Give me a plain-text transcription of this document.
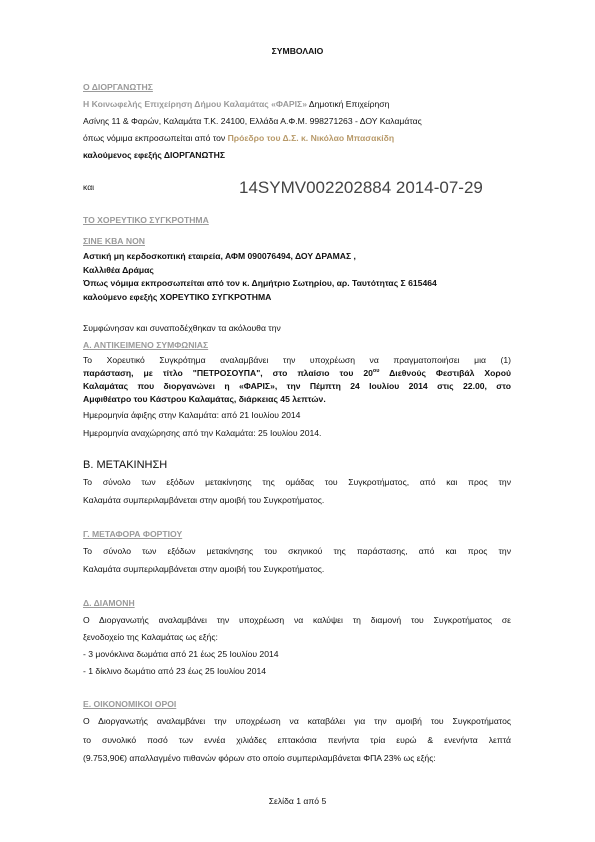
ΣΥΜΒΟΛΑΙΟ
Ο ΔΙΟΡΓΑΝΩΤΗΣ
Η Κοινωφελής Επιχείρηση Δήμου Καλαμάτας «ΦΑΡΙΣ» Δημοτική Επιχείρηση
Ασίνης 11 & Φαρών, Καλαμάτα Τ.Κ. 24100, Ελλάδα Α.Φ.Μ. 998271263 - ΔΟΥ Καλαμάτας
όπως νόμιμα εκπροσωπείται από τον Πρόεδρο του Δ.Σ. κ. Νικόλαο Μπασακίδη
καλούμενος εφεξής ΔΙΟΡΓΑΝΩΤΗΣ
και	14SYMV002202884 2014-07-29
ΤΟ ΧΟΡΕΥΤΙΚΟ ΣΥΓΚΡΟΤΗΜΑ
ΣΙΝΕ ΚΒΑ ΝΟΝ
Αστική μη κερδοσκοπική εταιρεία, ΑΦΜ 090076494, ΔΟΥ ΔΡΑΜΑΣ ,
Καλλιθέα Δράμας
Όπως νόμιμα εκπροσωπείται από τον κ. Δημήτριο Σωτηρίου, αρ. Ταυτότητας Σ 615464
καλούμενο εφεξής ΧΟΡΕΥΤΙΚΟ ΣΥΓΚΡΟΤΗΜΑ
Συμφώνησαν και συναποδέχθηκαν τα ακόλουθα την
Α. ΑΝΤΙΚΕΙΜΕΝΟ ΣΥΜΦΩΝΙΑΣ
Το Χορευτικό Συγκρότημα αναλαμβάνει την υποχρέωση να πραγματοποιήσει μια (1)
παράσταση, με τίτλο "ΠΕΤΡΟΣΟΥΠΑ", στο πλαίσιο του $20^{o\upsilon}$ Διεθνούς Φεστιβάλ Χορού
Καλαμάτας που διοργανώνει η «ΦΑΡΙΣ», την Πέμπτη 24 Ιουλίου 2014 στις 22.00, στο
Αμφιθέατρο του Κάστρου Καλαμάτας, διάρκειας 45 λεπτών.
Ημερομηνία άφιξης στην Καλαμάτα: από 21 Ιουλίου 2014
Ημερομηνία αναχώρησης από την Καλαμάτα: 25 Ιουλίου 2014.
Β. ΜΕΤΑΚΙΝΗΣΗ
Το σύνολο των εξόδων μετακίνησης της ομάδας του Συγκροτήματος, από και προς την
Καλαμάτα συμπεριλαμβάνεται στην αμοιβή του Συγκροτήματος.
Γ. ΜΕΤΑΦΟΡΑ ΦΟΡΤΙΟΥ
Το σύνολο των εξόδων μετακίνησης του σκηνικού της παράστασης, από και προς την
Καλαμάτα συμπεριλαμβάνεται στην αμοιβή του Συγκροτήματος.
Δ. ΔΙΑΜΟΝΗ
Ο Διοργανωτής αναλαμβάνει την υποχρέωση να καλύψει τη διαμονή του Συγκροτήματος σε
ξενοδοχείο της Καλαμάτας ως εξής:
- 3 μονόκλινα δωμάτια από 21 έως 25 Ιουλίου 2014
- 1 δίκλινο δωμάτιο από 23 έως 25 Ιουλίου 2014
Ε. ΟΙΚΟΝΟΜΙΚΟΙ ΟΡΟΙ
Ο Διοργανωτής αναλαμβάνει την υποχρέωση να καταβάλει για την αμοιβή του Συγκροτήματος
το συνολικό ποσό των εννέα χιλιάδες επτακόσια πενήντα τρία ευρώ & ενενήντα λεπτά
(9.753,90€) απαλλαγμένο πιθανών φόρων στο οποίο συμπεριλαμβάνεται ΦΠΑ 23% ως εξής:
Σελίδα 1 από 5
